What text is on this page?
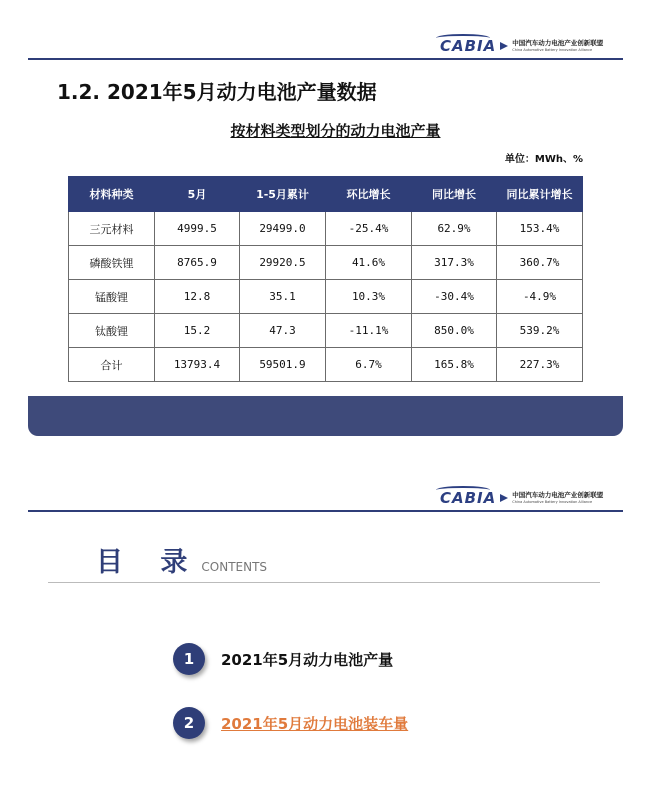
CABIA 中国汽车动力电池产业创新联盟
China Automotive Battery Innovation Alliance
1.2. 2021年5月动力电池产量数据
按材料类型划分的动力电池产量
单位：MWh、%
材料种类	5月	1-5月累计	环比增长	同比增长	同比累计增长
三元材料	4999.5	29499.0	-25.4%	62.9%	153.4%
磷酸铁锂	8765.9	29920.5	41.6%	317.3%	360.7%
锰酸锂	12.8	35.1	10.3%	-30.4%	-4.9%
钛酸锂	15.2	47.3	-11.1%	850.0%	539.2%
合计	13793.4	59501.9	6.7%	165.8%	227.3%
CABIA 中国汽车动力电池产业创新联盟
China Automotive Battery Innovation Alliance
目 录 CONTENTS
1	2021年5月动力电池产量
2	2021年5月动力电池装车量
